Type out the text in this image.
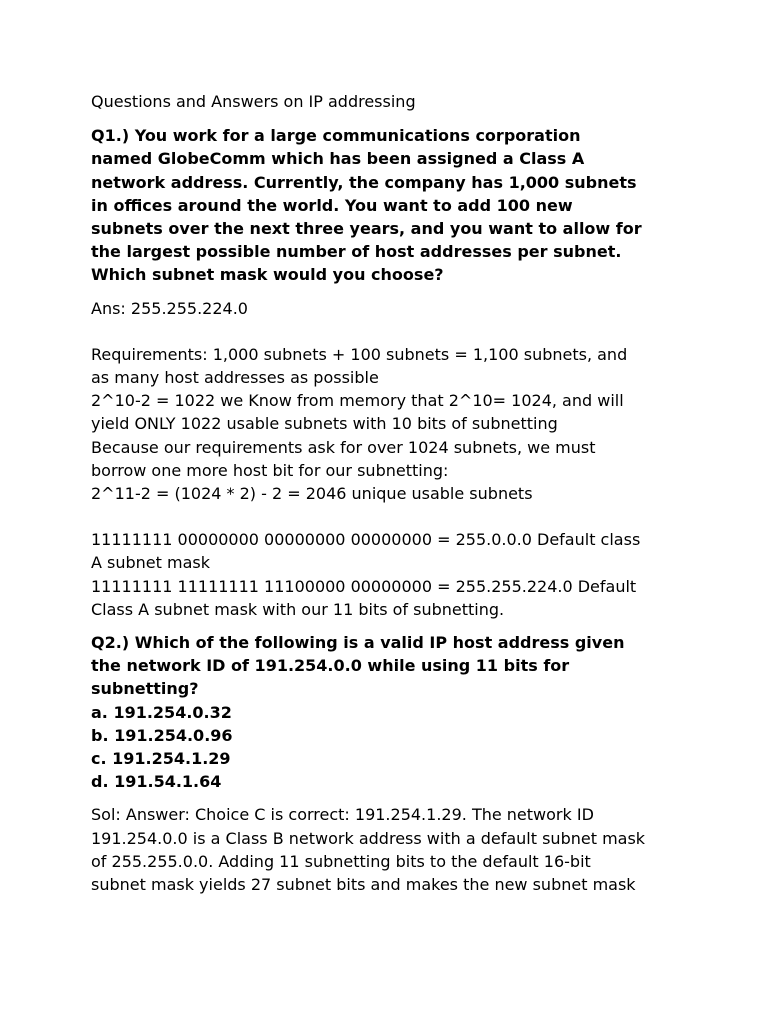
Questions and Answers on IP addressing

Q1.) You work for a large communications corporation

named GlobeComm which has been assigned a Class A

network address. Currently, the company has 1,000 subnets

in offices around the world. You want to add 100 new

subnets over the next three years, and you want to allow for

the largest possible number of host addresses per subnet.

Which subnet mask would you choose?

Ans: 255.255.224.0

Requirements: 1,000 subnets + 100 subnets = 1,100 subnets, and

as many host addresses as possible

2^10-2 = 1022 we Know from memory that 2^10= 1024, and will

yield ONLY 1022 usable subnets with 10 bits of subnetting

Because our requirements ask for over 1024 subnets, we must

borrow one more host bit for our subnetting:

2^11-2 = (1024 * 2) - 2 = 2046 unique usable subnets

11111111 00000000 00000000 00000000 = 255.0.0.0 Default class

A subnet mask

11111111 11111111 11100000 00000000 = 255.255.224.0 Default

Class A subnet mask with our 11 bits of subnetting.

Q2.) Which of the following is a valid IP host address given

the network ID of 191.254.0.0 while using 11 bits for

subnetting?

a. 191.254.0.32

b. 191.254.0.96

c. 191.254.1.29

d. 191.54.1.64

Sol: Answer: Choice C is correct: 191.254.1.29. The network ID

191.254.0.0 is a Class B network address with a default subnet mask

of 255.255.0.0. Adding 11 subnetting bits to the default 16-bit

subnet mask yields 27 subnet bits and makes the new subnet mask
